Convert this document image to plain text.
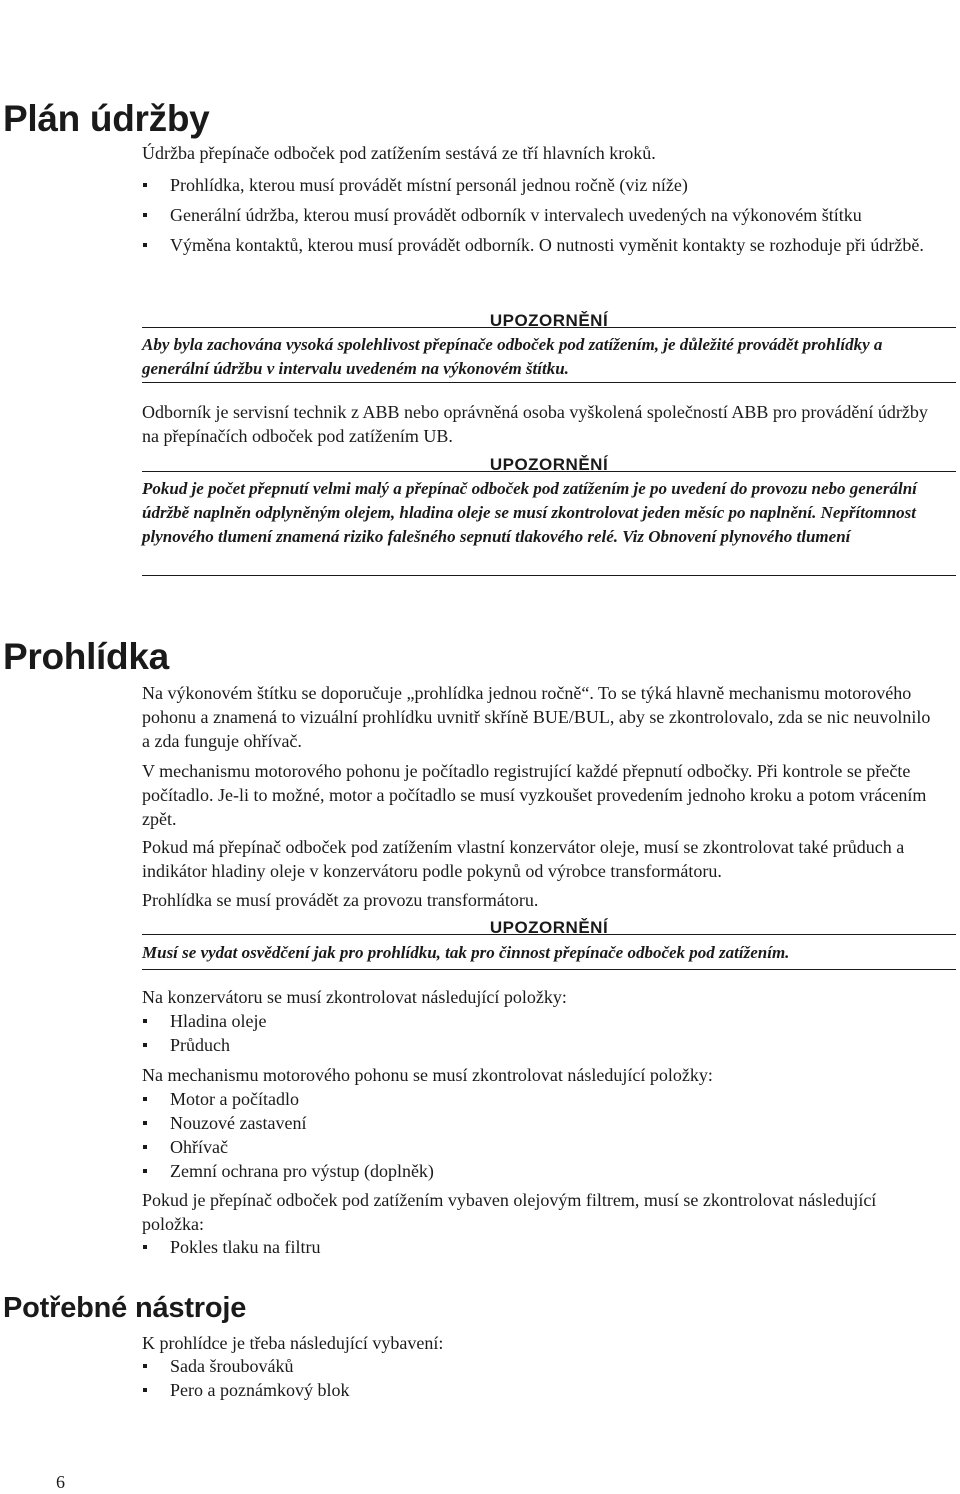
Plán údržby

Údržba přepínače odboček pod zatížením sestává ze tří hlavních kroků.

Prohlídka, kterou musí provádět místní personál jednou ročně (viz níže)
Generální údržba, kterou musí provádět odborník v intervalech uvedených na výkonovém štítku
Výměna kontaktů, kterou musí provádět odborník. O nutnosti vyměnit kontakty se rozhoduje při údržbě.
UPOZORNĚNÍ

Aby byla zachována vysoká spolehlivost přepínače odboček pod zatížením, je důležité provádět prohlídky a generální údržbu v intervalu uvedeném na výkonovém štítku.

Odborník je servisní technik z ABB nebo oprávněná osoba vyškolená společností ABB pro provádění údržby na přepínačích odboček pod zatížením UB.

UPOZORNĚNÍ

Pokud je počet přepnutí velmi malý a přepínač odboček pod zatížením je po uvedení do provozu nebo generální údržbě naplněn odplyněným olejem, hladina oleje se musí zkontrolovat jeden měsíc po naplnění. Nepřítomnost plynového tlumení znamená riziko falešného sepnutí tlakového relé. Viz Obnovení plynového tlumení

Prohlídka

Na výkonovém štítku se doporučuje „prohlídka jednou ročně“. To se týká hlavně mechanismu motorového pohonu a znamená to vizuální prohlídku uvnitř skříně BUE/BUL, aby se zkontrolovalo, zda se nic neuvolnilo a zda funguje ohřívač.

V mechanismu motorového pohonu je počítadlo registrující každé přepnutí odbočky. Při kontrole se přečte počítadlo. Je-li to možné, motor a počítadlo se musí vyzkoušet provedením jednoho kroku a potom vrácením zpět.

Pokud má přepínač odboček pod zatížením vlastní konzervátor oleje, musí se zkontrolovat také průduch a indikátor hladiny oleje v konzervátoru podle pokynů od výrobce transformátoru.

Prohlídka se musí provádět za provozu transformátoru.

UPOZORNĚNÍ

Musí se vydat osvědčení jak pro prohlídku, tak pro činnost přepínače odboček pod zatížením.

Na konzervátoru se musí zkontrolovat následující položky:

Hladina oleje
Průduch

Na mechanismu motorového pohonu se musí zkontrolovat následující položky:

Motor a počítadlo
Nouzové zastavení
Ohřívač
Zemní ochrana pro výstup (doplněk)

Pokud je přepínač odboček pod zatížením vybaven olejovým filtrem, musí se zkontrolovat následující položka:

Pokles tlaku na filtru
Potřebné nástroje

K prohlídce je třeba následující vybavení:

Sada šroubováků
Pero a poznámkový blok
6
